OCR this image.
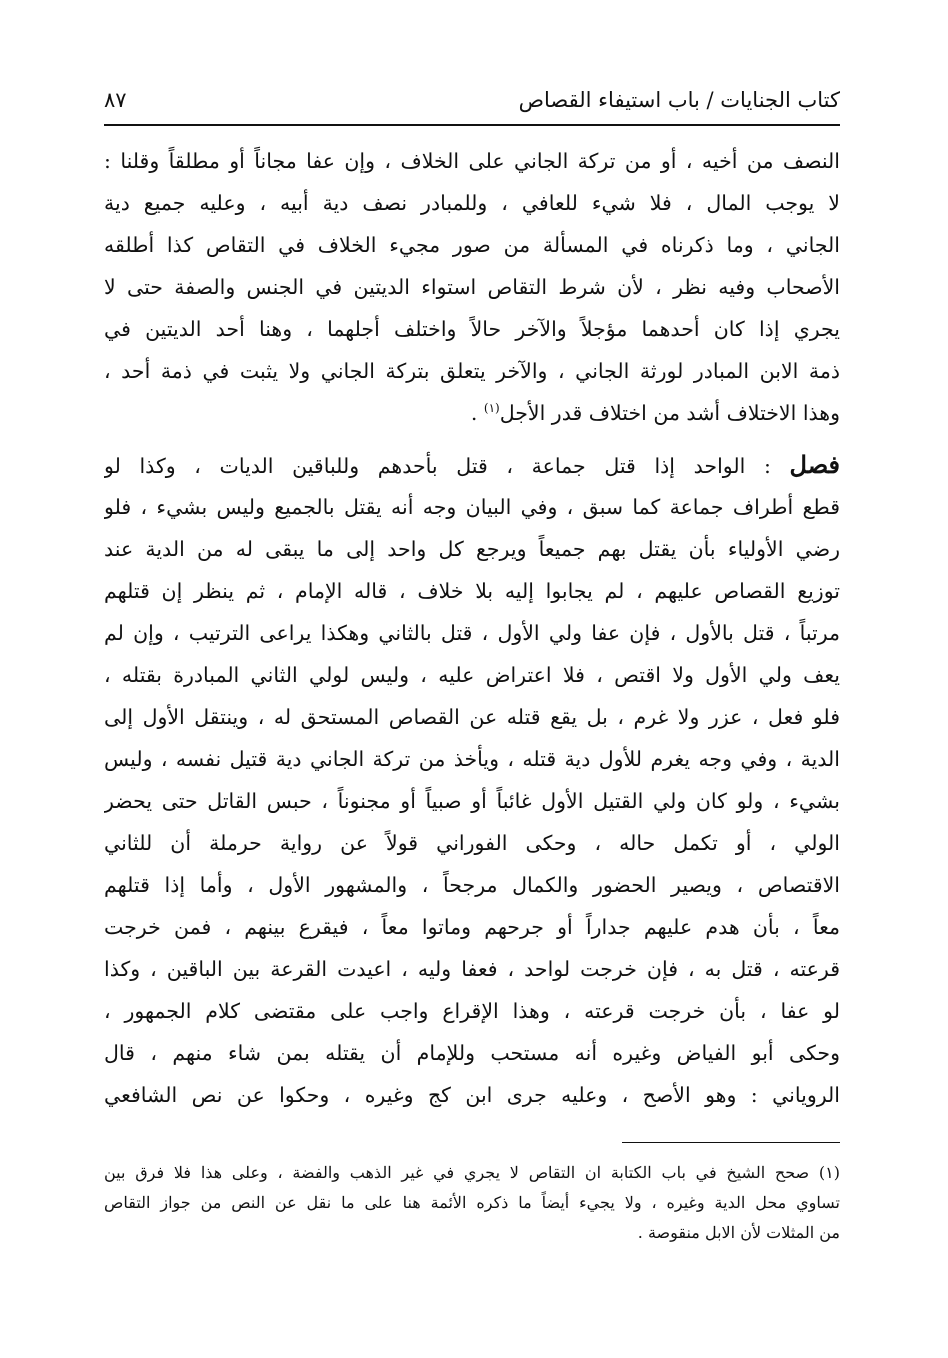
كتاب الجنايات / باب استيفاء القصاص
٨٧
النصف من أخيه ، أو من تركة الجاني على الخلاف ، وإن عفا مجاناً أو مطلقاً وقلنا :
لا يوجب المال ، فلا شيء للعافي ، وللمبادر نصف دية أبيه ، وعليه جميع دية
الجاني ، وما ذكرناه في المسألة من صور مجيء الخلاف في التقاص كذا أطلقه
الأصحاب وفيه نظر ، لأن شرط التقاص استواء الديتين في الجنس والصفة حتى لا
يجري إذا كان أحدهما مؤجلاً والآخر حالاً واختلف أجلهما ، وهنا أحد الديتين في
ذمة الابن المبادر لورثة الجاني ، والآخر يتعلق بتركة الجاني ولا يثبت في ذمة أحد ،
وهذا الاختلاف أشد من اختلاف قدر الأجل$^{(١)}$ .
فصل : الواحد إذا قتل جماعة ، قتل بأحدهم وللباقين الديات ، وكذا لو
قطع أطراف جماعة كما سبق ، وفي البيان وجه أنه يقتل بالجميع وليس بشيء ، فلو
رضي الأولياء بأن يقتل بهم جميعاً ويرجع كل واحد إلى ما يبقى له من الدية عند
توزيع القصاص عليهم ، لم يجابوا إليه بلا خلاف ، قاله الإمام ، ثم ينظر إن قتلهم
مرتباً ، قتل بالأول ، فإن عفا ولي الأول ، قتل بالثاني وهكذا يراعى الترتيب ، وإن لم
يعف ولي الأول ولا اقتص ، فلا اعتراض عليه ، وليس لولي الثاني المبادرة بقتله ،
فلو فعل ، عزر ولا غرم ، بل يقع قتله عن القصاص المستحق له ، وينتقل الأول إلى
الدية ، وفي وجه يغرم للأول دية قتله ، ويأخذ من تركة الجاني دية قتيل نفسه ، وليس
بشيء ، ولو كان ولي القتيل الأول غائباً أو صبياً أو مجنوناً ، حبس القاتل حتى يحضر
الولي ، أو تكمل حاله ، وحكى الفوراني قولاً عن رواية حرملة أن للثاني
الاقتصاص ، ويصير الحضور والكمال مرجحاً ، والمشهور الأول ، وأما إذا قتلهم
معاً ، بأن هدم عليهم جداراً أو جرحهم وماتوا معاً ، فيقرع بينهم ، فمن خرجت
قرعته ، قتل به ، فإن خرجت لواحد ، فعفا وليه ، اعيدت القرعة بين الباقين ، وكذا
لو عفا ، بأن خرجت قرعته ، وهذا الإقراع واجب على مقتضى كلام الجمهور ،
وحكى أبو الفياض وغيره أنه مستحب وللإمام أن يقتله بمن شاء منهم ، قال
الروياني : وهو الأصح ، وعليه جرى ابن كج وغيره ، وحكوا عن نص الشافعي
(١) صحح الشيخ في باب الكتابة ان التقاص لا يجري في غير الذهب والفضة ، وعلى هذا فلا فرق بين
تساوي محل الدية وغيره ، ولا يجيء أيضاً ما ذكره الأئمة هنا على ما نقل عن النص من جواز التقاص
من المثلات لأن الابل منقوصة .
